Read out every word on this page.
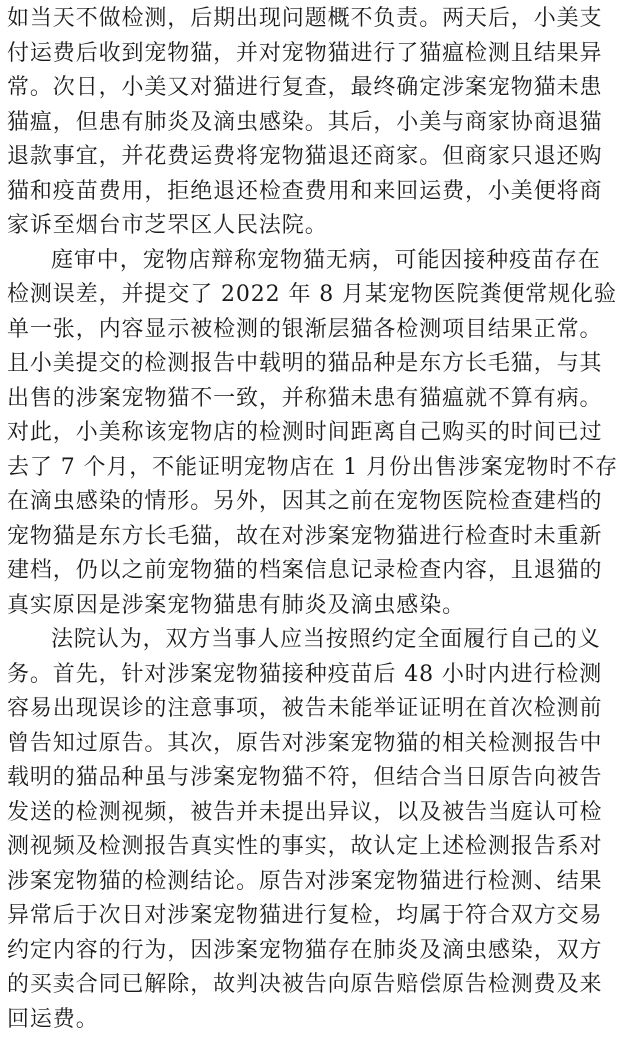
如当天不做检测，后期出现问题概不负责。两天后，小美支
付运费后收到宠物猫，并对宠物猫进行了猫瘟检测且结果异
常。次日，小美又对猫进行复查，最终确定涉案宠物猫未患
猫瘟，但患有肺炎及滴虫感染。其后，小美与商家协商退猫
退款事宜，并花费运费将宠物猫退还商家。但商家只退还购
猫和疫苗费用，拒绝退还检查费用和来回运费，小美便将商
家诉至烟台市芝罘区人民法院。
庭审中，宠物店辩称宠物猫无病，可能因接种疫苗存在
检测误差，并提交了 2022 年 8 月某宠物医院粪便常规化验
单一张，内容显示被检测的银渐层猫各检测项目结果正常。
且小美提交的检测报告中载明的猫品种是东方长毛猫，与其
出售的涉案宠物猫不一致，并称猫未患有猫瘟就不算有病。
对此，小美称该宠物店的检测时间距离自己购买的时间已过
去了 7 个月，不能证明宠物店在 1 月份出售涉案宠物时不存
在滴虫感染的情形。另外，因其之前在宠物医院检查建档的
宠物猫是东方长毛猫，故在对涉案宠物猫进行检查时未重新
建档，仍以之前宠物猫的档案信息记录检查内容，且退猫的
真实原因是涉案宠物猫患有肺炎及滴虫感染。
法院认为，双方当事人应当按照约定全面履行自己的义
务。首先，针对涉案宠物猫接种疫苗后 48 小时内进行检测
容易出现误诊的注意事项，被告未能举证证明在首次检测前
曾告知过原告。其次，原告对涉案宠物猫的相关检测报告中
载明的猫品种虽与涉案宠物猫不符，但结合当日原告向被告
发送的检测视频，被告并未提出异议，以及被告当庭认可检
测视频及检测报告真实性的事实，故认定上述检测报告系对
涉案宠物猫的检测结论。原告对涉案宠物猫进行检测、结果
异常后于次日对涉案宠物猫进行复检，均属于符合双方交易
约定内容的行为，因涉案宠物猫存在肺炎及滴虫感染，双方
的买卖合同已解除，故判决被告向原告赔偿原告检测费及来
回运费。
